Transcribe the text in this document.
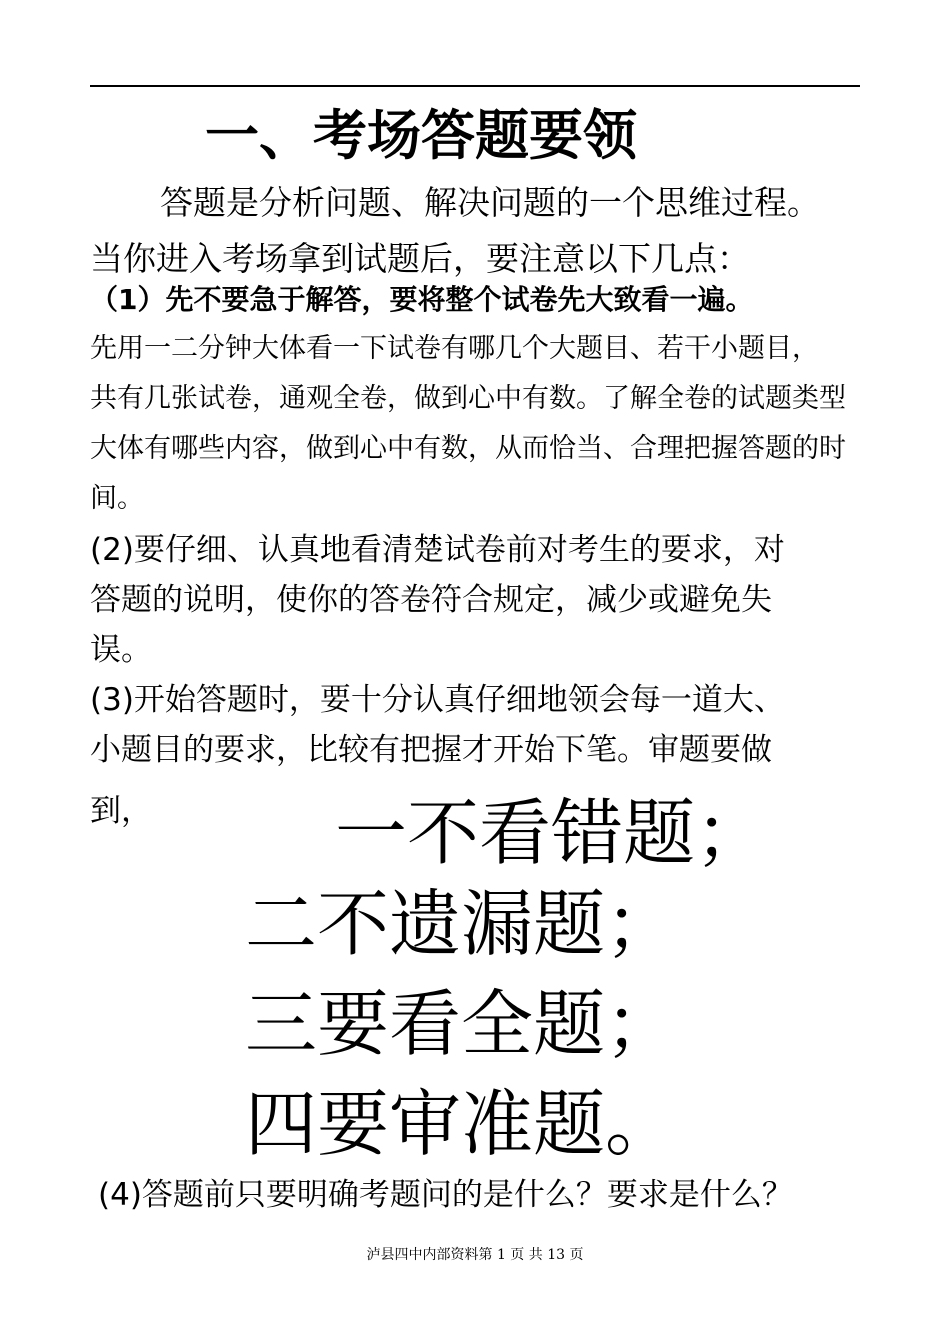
一、考场答题要领
答题是分析问题、解决问题的一个思维过程。
当你进入考场拿到试题后，要注意以下几点：
（1）先不要急于解答，要将整个试卷先大致看一遍。
先用一二分钟大体看一下试卷有哪几个大题目、若干小题目，
共有几张试卷，通观全卷，做到心中有数。了解全卷的试题类型
大体有哪些内容，做到心中有数，从而恰当、合理把握答题的时
间。
(2)要仔细、认真地看清楚试卷前对考生的要求，对
答题的说明，使你的答卷符合规定，减少或避免失
误。
(3)开始答题时，要十分认真仔细地领会每一道大、
小题目的要求，比较有把握才开始下笔。审题要做
到，	一不看错题；
二不遗漏题；
三要看全题；
四要审准题。
(4)答题前只要明确考题问的是什么？要求是什么？
泸县四中内部资料第 1 页 共 13 页
